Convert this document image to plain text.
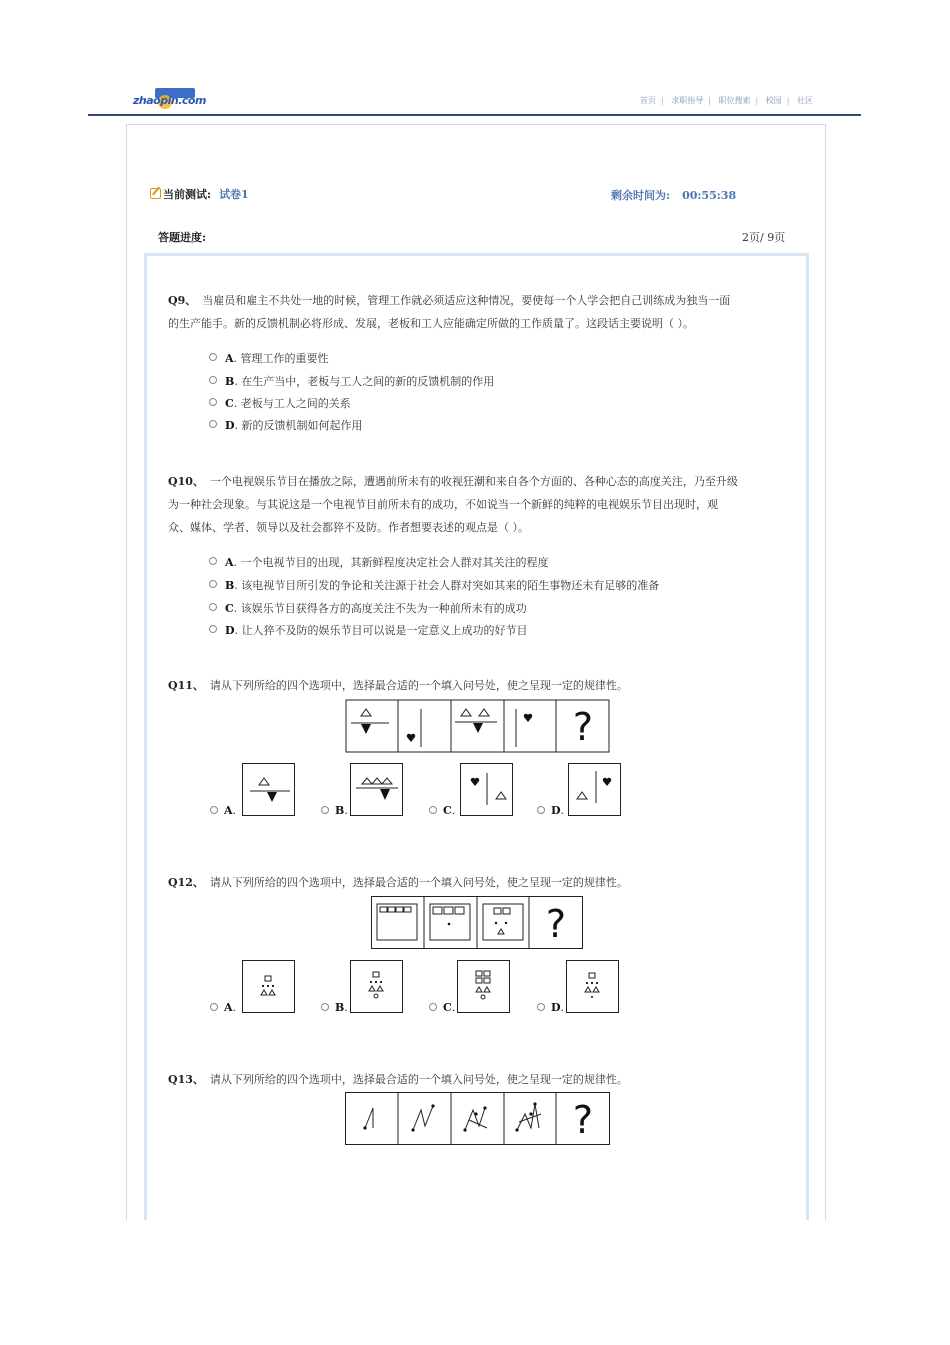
zhaopin.com	首页 | 求职指导 | 职位搜索 | 校园 | 社区
当前测试: 试卷1	剩余时间为: 00:55:38
答题进度:	2页/ 9页
Q9、 当雇员和雇主不共处一地的时候，管理工作就必须适应这种情况，要使每一个人学会把自己训练成为独当一面
的生产能手。新的反馈机制必将形成、发展，老板和工人应能确定所做的工作质量了。这段话主要说明（ ）。
A. 管理工作的重要性
B. 在生产当中，老板与工人之间的新的反馈机制的作用
C. 老板与工人之间的关系
D. 新的反馈机制如何起作用
Q10、 一个电视娱乐节目在播放之际，遭遇前所未有的收视狂潮和来自各个方面的、各种心态的高度关注，乃至升级
为一种社会现象。与其说这是一个电视节目前所未有的成功，不如说当一个新鲜的纯粹的电视娱乐节目出现时，观
众、媒体、学者、领导以及社会都猝不及防。作者想要表述的观点是（ ）。
A. 一个电视节目的出现，其新鲜程度决定社会人群对其关注的程度
B. 该电视节目所引发的争论和关注源于社会人群对突如其来的陌生事物还未有足够的准备
C. 该娱乐节目获得各方的高度关注不失为一种前所未有的成功
D. 让人猝不及防的娱乐节目可以说是一定意义上成功的好节目
Q11、 请从下列所给的四个选项中，选择最合适的一个填入问号处，使之呈现一定的规律性。
?
A.	B.	C.	D.
Q12、 请从下列所给的四个选项中，选择最合适的一个填入问号处，使之呈现一定的规律性。
?
A.	B.	C.	D.
Q13、 请从下列所给的四个选项中，选择最合适的一个填入问号处，使之呈现一定的规律性。
?
